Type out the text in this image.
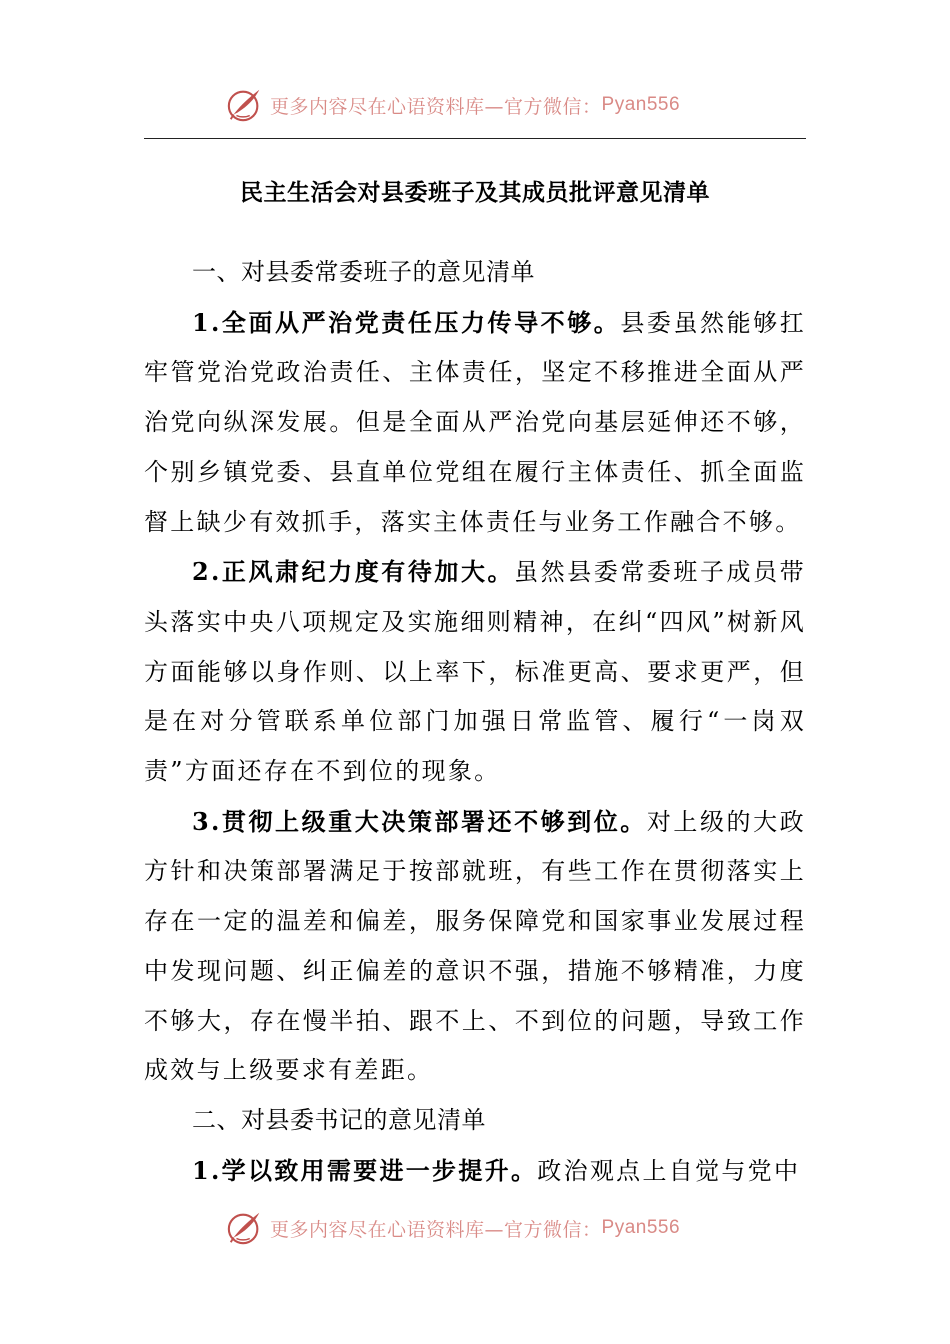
更多内容尽在心语资料库—官方微信： Pyan556
民主生活会对县委班子及其成员批评意见清单

一、对县委常委班子的意见清单

1.全面从严治党责任压力传导不够。县委虽然能够扛牢管党治党政治责任、主体责任，坚定不移推进全面从严治党向纵深发展。但是全面从严治党向基层延伸还不够，个别乡镇党委、县直单位党组在履行主体责任、抓全面监督上缺少有效抓手，落实主体责任与业务工作融合不够。

2.正风肃纪力度有待加大。虽然县委常委班子成员带头落实中央八项规定及实施细则精神，在纠“四风”树新风方面能够以身作则、以上率下，标准更高、要求更严，但是在对分管联系单位部门加强日常监管、履行“一岗双责”方面还存在不到位的现象。

3.贯彻上级重大决策部署还不够到位。对上级的大政方针和决策部署满足于按部就班，有些工作在贯彻落实上存在一定的温差和偏差，服务保障党和国家事业发展过程中发现问题、纠正偏差的意识不强，措施不够精准，力度不够大，存在慢半拍、跟不上、不到位的问题，导致工作成效与上级要求有差距。

二、对县委书记的意见清单

1.学以致用需要进一步提升。政治观点上自觉与党中

更多内容尽在心语资料库—官方微信： Pyan556
